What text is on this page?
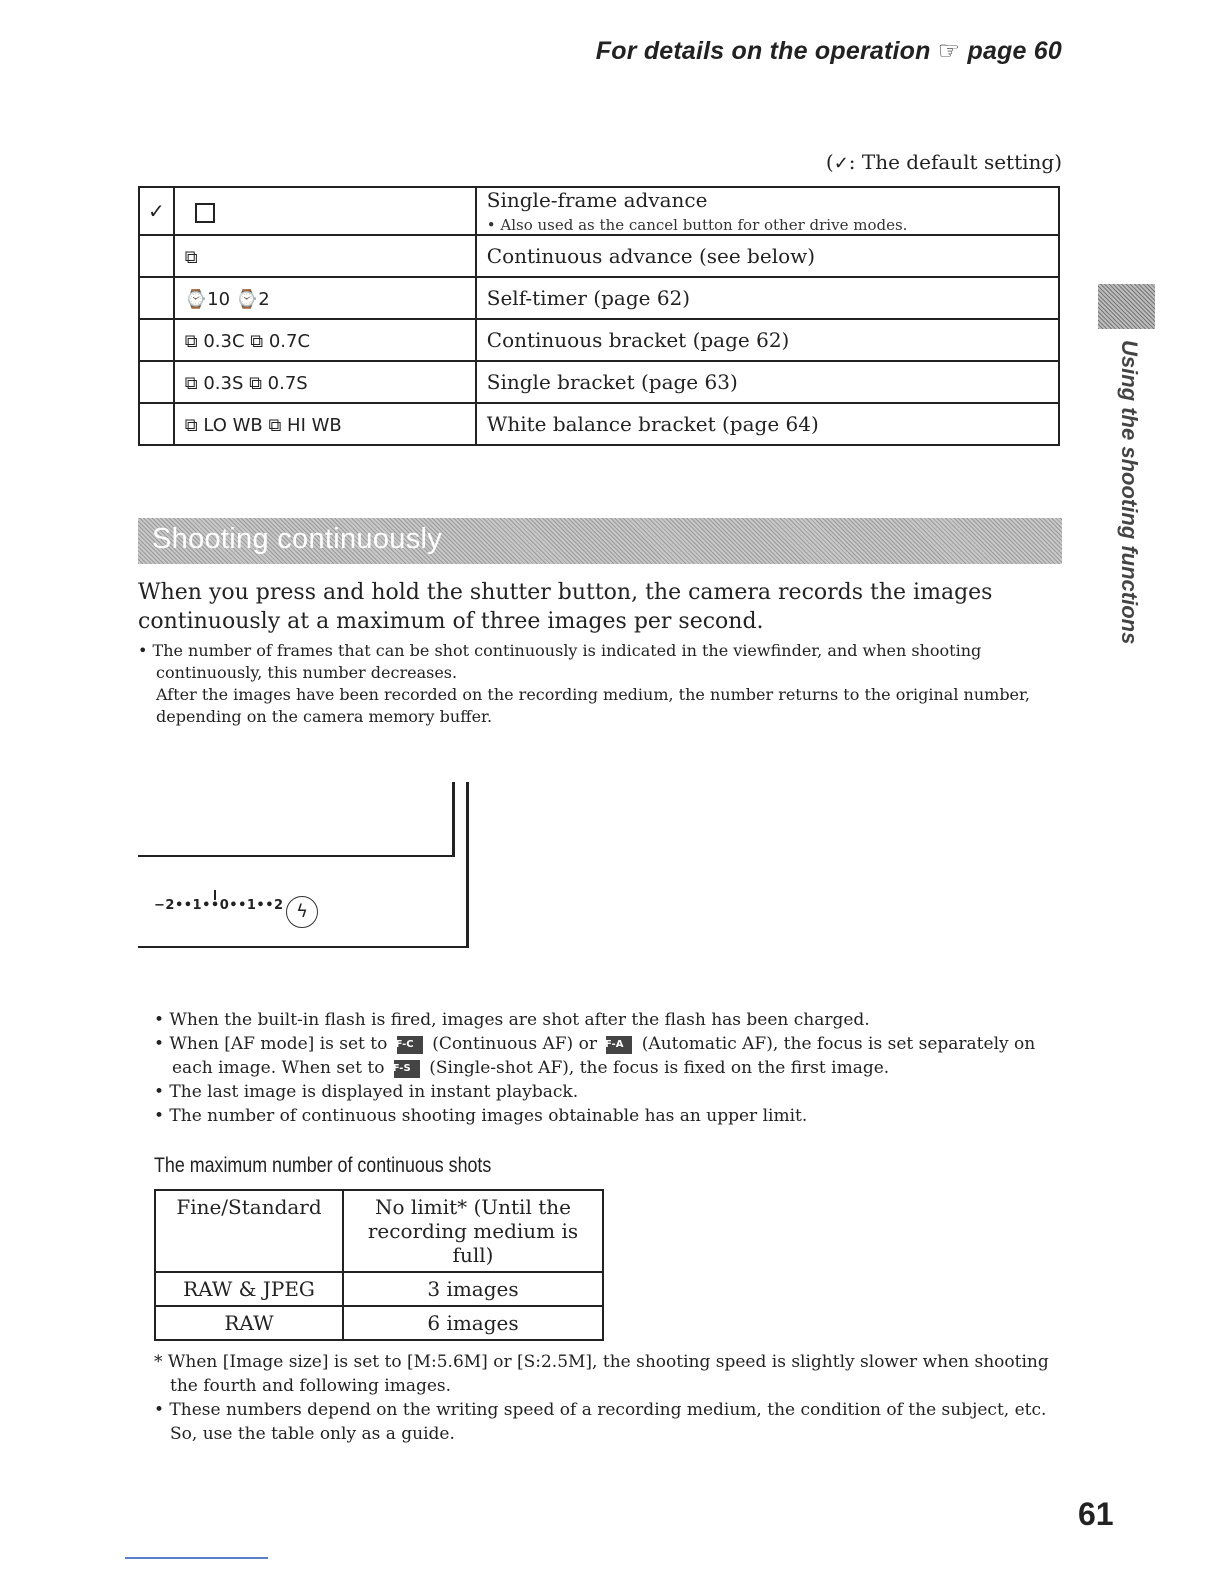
For details on the operation ☞ page 60
(✓: The default setting)
✓		Single-frame advance
• Also used as the cancel button for other drive modes.

	⧉	Continuous advance (see below)
	⌚10 ⌚2	Self-timer (page 62)
	⧉ 0.3C ⧉ 0.7C	Continuous bracket (page 62)
	⧉ 0.3S ⧉ 0.7S	Single bracket (page 63)
	⧉ LO WB ⧉ HI WB	White balance bracket (page 64)
Shooting continuously	Using the shooting functions
When you press and hold the shutter button, the camera records the images continuously at a maximum of three images per second.

• The number of frames that can be shot continuously is indicated in the viewfinder, and when shooting continuously, this number decreases.

After the images have been recorded on the recording medium, the number returns to the original number, depending on the camera memory buffer.

−2••1••0••1••2 ϟ

• When the built-in flash is fired, images are shot after the flash has been charged.

• When [AF mode] is set to AF-C (Continuous AF) or AF-A (Automatic AF), the focus is set separately on each image. When set to AF-S (Single-shot AF), the focus is fixed on the first image.

• The last image is displayed in instant playback.

• The number of continuous shooting images obtainable has an upper limit.

The maximum number of continuous shots
Fine/Standard	No limit* (Until the recording medium is full)
RAW & JPEG	3 images
RAW	6 images

* When [Image size] is set to [M:5.6M] or [S:2.5M], the shooting speed is slightly slower when shooting the fourth and following images.

• These numbers depend on the writing speed of a recording medium, the condition of the subject, etc. So, use the table only as a guide.

61
